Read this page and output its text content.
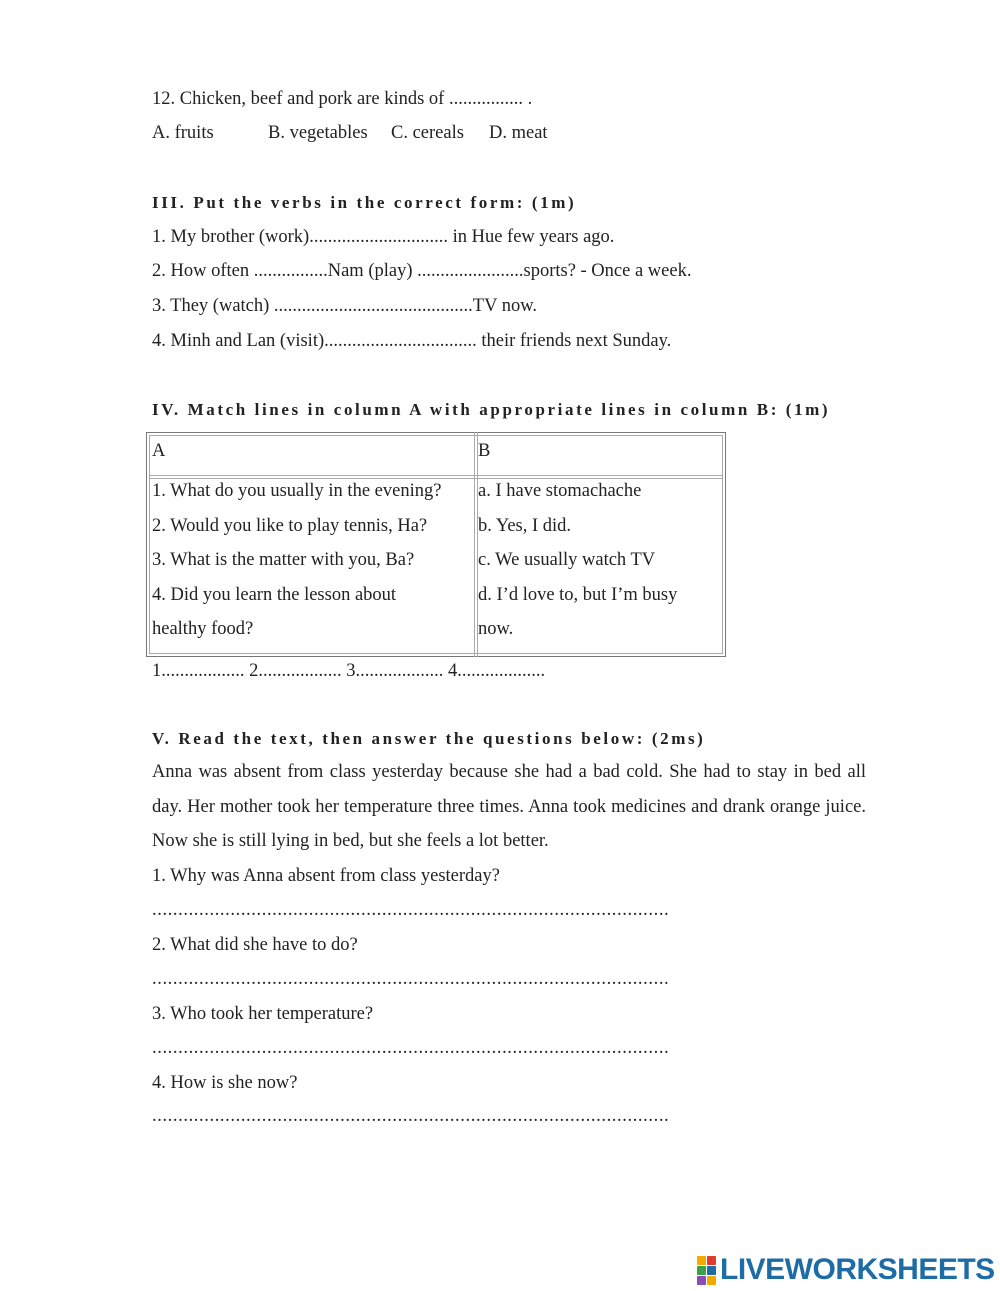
12. Chicken, beef and pork are kinds of ................ .
A. fruits	B. vegetables C. cereals D. meat
III. Put the verbs in the correct form: (1m)
1. My brother (work).............................. in Hue few years ago.
2. How often ................Nam (play) .......................sports? - Once a week.
3. They (watch) ...........................................TV now.
4. Minh and Lan (visit)................................. their friends next Sunday.
IV. Match lines in column A with appropriate lines in column B: (1m)
A	B
1. What do you usually in the evening?
2. Would you like to play tennis, Ha?
3. What is the matter with you, Ba?
4. Did you learn the lesson about
healthy food?
a. I have stomachache
b. Yes, I did.
c. We usually watch TV
d. I’d love to, but I’m busy
now.
1.................. 2.................. 3................... 4...................
V. Read the text, then answer the questions below: (2ms)
Anna was absent from class yesterday because she had a bad cold. She had to stay in bed all day. Her mother took her temperature three times. Anna took medicines and drank orange juice. Now she is still lying in bed, but she feels a lot better.
1. Why was Anna absent from class yesterday?
...................................................................................................
2. What did she have to do?
...................................................................................................
3. Who took her temperature?
...................................................................................................
4. How is she now?
...................................................................................................
LIVEWORKSHEETS
